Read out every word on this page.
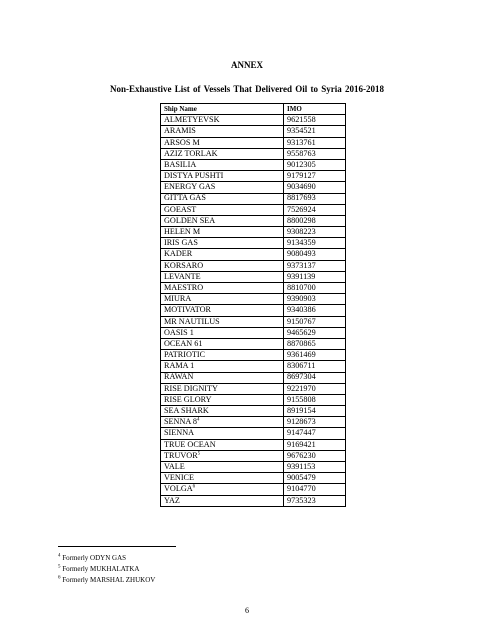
ANNEX
Non-Exhaustive List of Vessels That Delivered Oil to Syria 2016-2018
Ship Name	IMO
ALMETYEVSK	9621558
ARAMIS	9354521
ARSOS M	9313761
AZIZ TORLAK	9558763
BASILIA	9012305
DISTYA PUSHTI	9179127
ENERGY GAS	9034690
GITTA GAS	8817693
GOEAST	7526924
GOLDEN SEA	8800298
HELEN M	9308223
IRIS GAS	9134359
KADER	9080493
KORSARO	9373137
LEVANTE	9391139
MAESTRO	8810700
MIURA	9390903
MOTIVATOR	9340386
MR NAUTILUS	9150767
OASIS 1	9465629
OCEAN 61	8870865
PATRIOTIC	9361469
RAMA 1	8306711
RAWAN	8697304
RISE DIGNITY	9221970
RISE GLORY	9155808
SEA SHARK	8919154
SENNA $8^4$	9128673
SIENNA	9147447
TRUE OCEAN	9169421
TRUVOR$^5$	9676230
VALE	9391153
VENICE	9005479
VOLGA$^6$	9104770
YAZ	9735323
$^4$ Formerly ODYN GAS
$^5$ Formerly MUKHALATKA
$^6$ Formerly MARSHAL ZHUKOV
6
